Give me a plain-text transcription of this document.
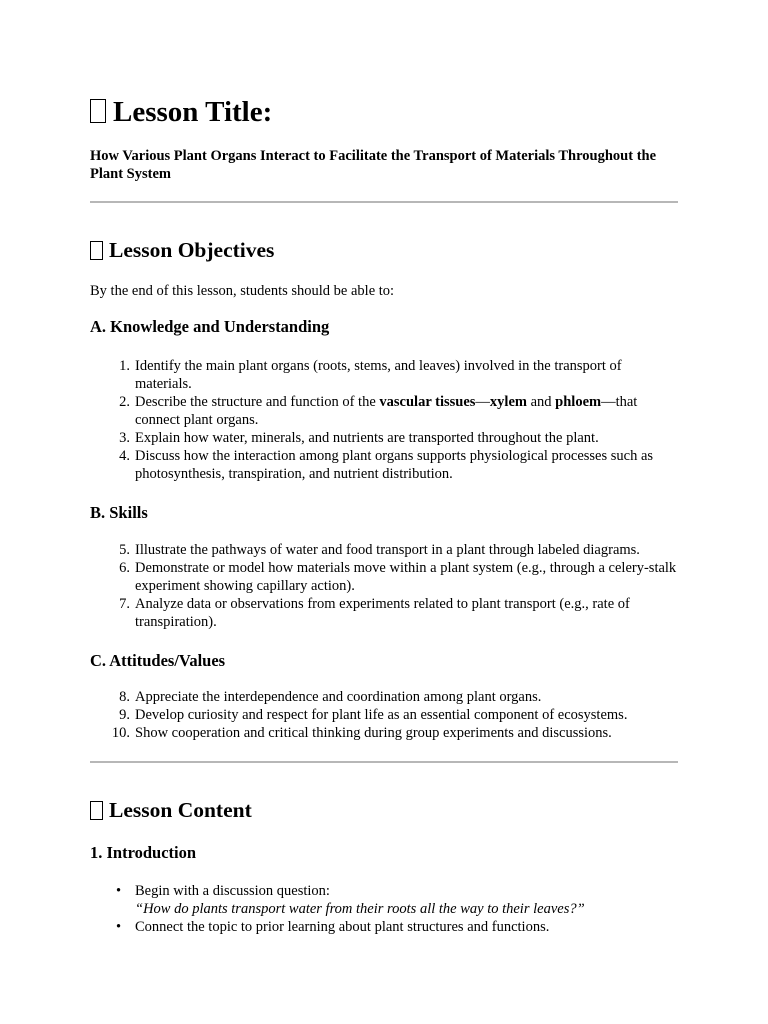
Lesson Title:

How Various Plant Organs Interact to Facilitate the Transport of Materials Throughout the Plant System

Lesson Objectives

By the end of this lesson, students should be able to:

A. Knowledge and Understanding
1. Identify the main plant organs (roots, stems, and leaves) involved in the transport of materials.
2. Describe the structure and function of the vascular tissues—xylem and phloem—that connect plant organs.
3. Explain how water, minerals, and nutrients are transported throughout the plant.
4. Discuss how the interaction among plant organs supports physiological processes such as photosynthesis, transpiration, and nutrient distribution.
B. Skills
5. Illustrate the pathways of water and food transport in a plant through labeled diagrams.
6. Demonstrate or model how materials move within a plant system (e.g., through a celery-stalk experiment showing capillary action).
7. Analyze data or observations from experiments related to plant transport (e.g., rate of transpiration).
C. Attitudes/Values
8. Appreciate the interdependence and coordination among plant organs.
9. Develop curiosity and respect for plant life as an essential component of ecosystems.
10. Show cooperation and critical thinking during group experiments and discussions.
Lesson Content
1. Introduction
• Begin with a discussion question:
“How do plants transport water from their roots all the way to their leaves?”
• Connect the topic to prior learning about plant structures and functions.
